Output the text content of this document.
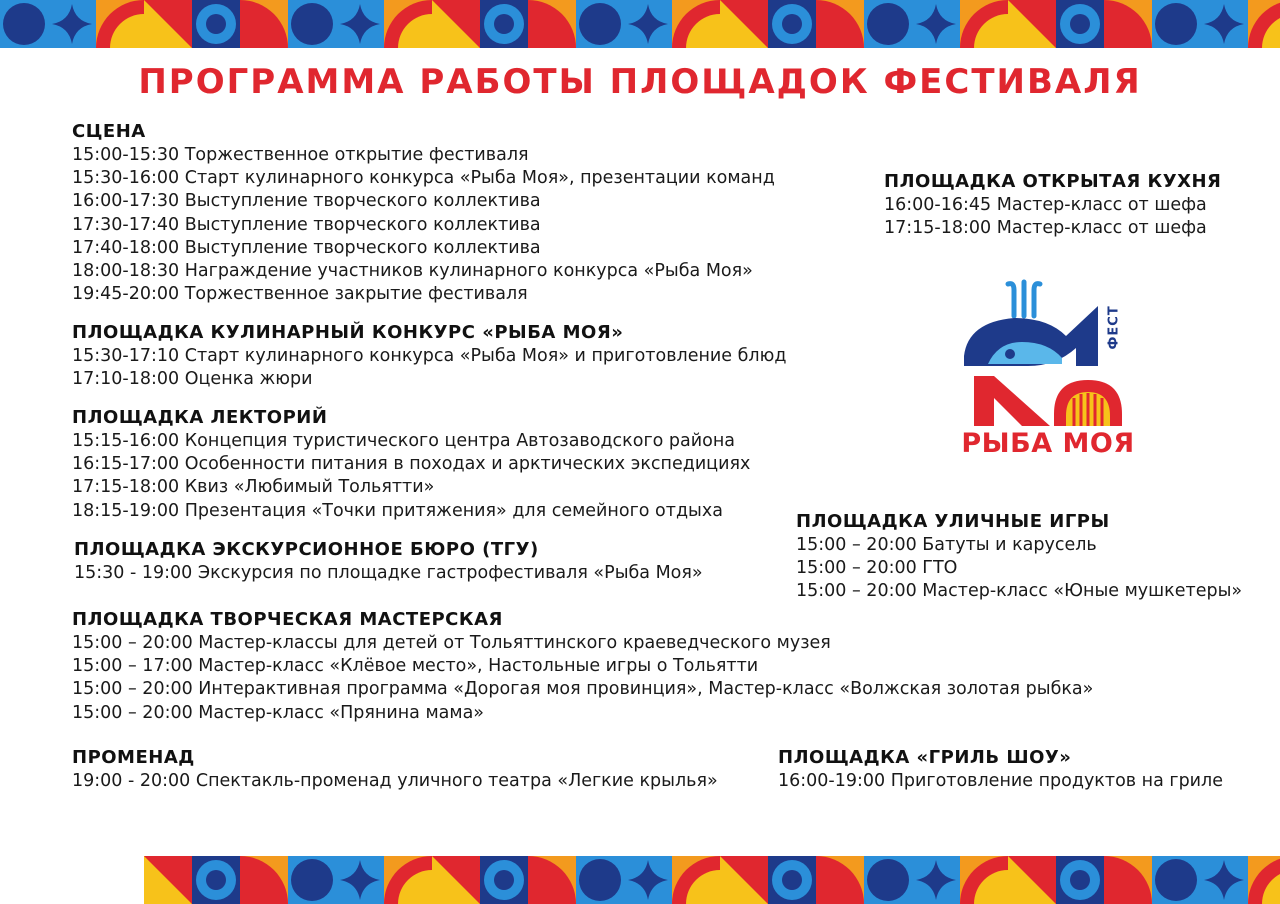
ПРОГРАММА РАБОТЫ ПЛОЩАДОК ФЕСТИВАЛЯ
СЦЕНА
15:00-15:30 Торжественное открытие фестиваля
15:30-16:00 Старт кулинарного конкурса «Рыба Моя», презентации команд
16:00-17:30 Выступление творческого коллектива
17:30-17:40 Выступление творческого коллектива
17:40-18:00 Выступление творческого коллектива
18:00-18:30 Награждение участников кулинарного конкурса «Рыба Моя»
19:45-20:00 Торжественное закрытие фестиваля
ПЛОЩАДКА КУЛИНАРНЫЙ КОНКУРС «РЫБА МОЯ»
15:30-17:10 Старт кулинарного конкурса «Рыба Моя» и приготовление блюд
17:10-18:00 Оценка жюри
ПЛОЩАДКА ЛЕКТОРИЙ
15:15-16:00 Концепция туристического центра Автозаводского района
16:15-17:00 Особенности питания в походах и арктических экспедициях
17:15-18:00 Квиз «Любимый Тольятти»
18:15-19:00 Презентация «Точки притяжения» для семейного отдыха
ПЛОЩАДКА ЭКСКУРСИОННОЕ БЮРО (ТГУ)
15:30 - 19:00 Экскурсия по площадке гастрофестиваля «Рыба Моя»
ПЛОЩАДКА ТВОРЧЕСКАЯ МАСТЕРСКАЯ
15:00 – 20:00 Мастер-классы для детей от Тольяттинского краеведческого музея
15:00 – 17:00 Мастер-класс «Клёвое место», Настольные игры о Тольятти
15:00 – 20:00 Интерактивная программа «Дорогая моя провинция», Мастер-класс «Волжская золотая рыбка»
15:00 – 20:00 Мастер-класс «Прянина мама»
ПРОМЕНАД
19:00 - 20:00 Спектакль-променад уличного театра «Легкие крылья»
ПЛОЩАДКА ОТКРЫТАЯ КУХНЯ
16:00-16:45 Мастер-класс от шефа
17:15-18:00 Мастер-класс от шефа
ФЕСТ
РЫБА МОЯ
ПЛОЩАДКА УЛИЧНЫЕ ИГРЫ
15:00 – 20:00 Батуты и карусель
15:00 – 20:00 ГТО
15:00 – 20:00 Мастер-класс «Юные мушкетеры»
ПЛОЩАДКА «ГРИЛЬ ШОУ»
16:00-19:00 Приготовление продуктов на гриле
